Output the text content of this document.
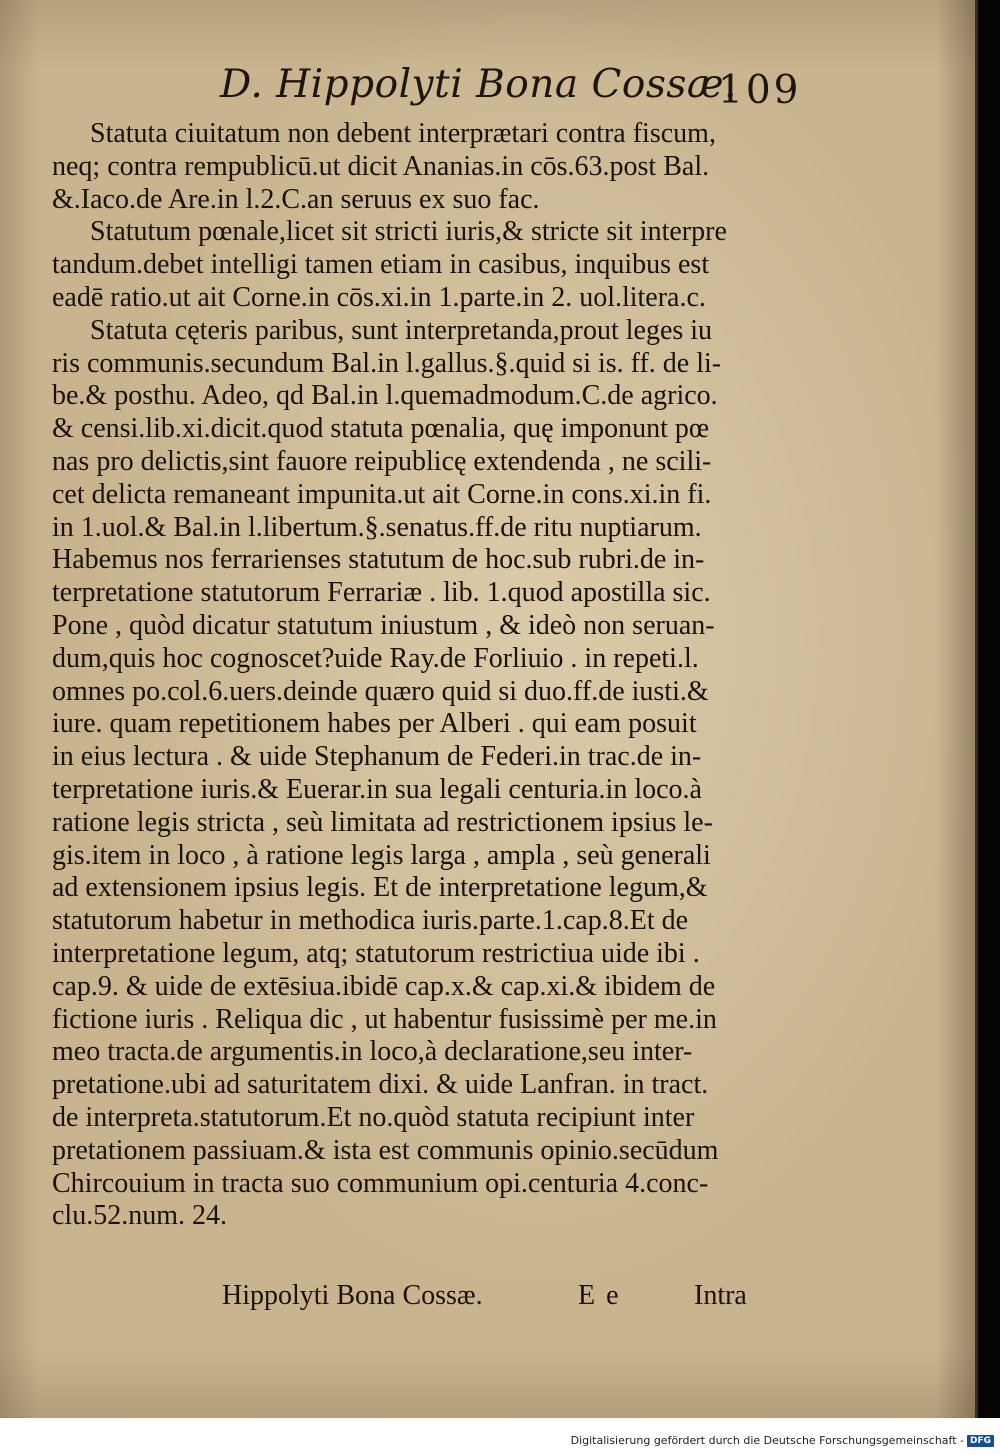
D. Hippolyti Bona Cossæ.
109
Statuta ciuitatum non debent interprætari contra fiscum,
neq; contra rempublicū.ut dicit Ananias.in cōs.63.post Bal.
&.Iaco.de Are.in l.2.C.an seruus ex suo fac.
Statutum pœnale,licet sit stricti iuris,& stricte sit interpre
tandum.debet intelligi tamen etiam in casibus, inquibus est
eadē ratio.ut ait Corne.in cōs.xi.in 1.parte.in 2. uol.litera.c.
Statuta cęteris paribus, sunt interpretanda,prout leges iu
ris communis.secundum Bal.in l.gallus.§.quid si is. ff. de li-
be.& posthu. Adeo, qd Bal.in l.quemadmodum.C.de agrico.
& censi.lib.xi.dicit.quod statuta pœnalia, quę imponunt pœ
nas pro delictis,sint fauore reipublicę extendenda , ne scili-
cet delicta remaneant impunita.ut ait Corne.in cons.xi.in fi.
in 1.uol.& Bal.in l.libertum.§.senatus.ff.de ritu nuptiarum.
Habemus nos ferrarienses statutum de hoc.sub rubri.de in-
terpretatione statutorum Ferrariæ . lib. 1.quod apostilla sic.
Pone , quòd dicatur statutum iniustum , & ideò non seruan-
dum,quis hoc cognoscet?uide Ray.de Forliuio . in repeti.l.
omnes po.col.6.uers.deinde quæro quid si duo.ff.de iusti.&
iure. quam repetitionem habes per Alberi . qui eam posuit
in eius lectura . & uide Stephanum de Federi.in trac.de in-
terpretatione iuris.& Euerar.in sua legali centuria.in loco.à
ratione legis stricta , seù limitata ad restrictionem ipsius le-
gis.item in loco , à ratione legis larga , ampla , seù generali
ad extensionem ipsius legis. Et de interpretatione legum,&
statutorum habetur in methodica iuris.parte.1.cap.8.Et de
interpretatione legum, atq; statutorum restrictiua uide ibi .
cap.9. & uide de extēsiua.ibidē cap.x.& cap.xi.& ibidem de
fictione iuris . Reliqua dic , ut habentur fusissimè per me.in
meo tracta.de argumentis.in loco,à declaratione,seu inter-
pretatione.ubi ad saturitatem dixi. & uide Lanfran. in tract.
de interpreta.statutorum.Et no.quòd statuta recipiunt inter
pretationem passiuam.& ista est communis opinio.secūdum
Chircouium in tracta suo communium opi.centuria 4.conc-
clu.52.num. 24.
Hippolyti Bona Cossæ.	E e	Intra
Digitalisierung gefördert durch die Deutsche Forschungsgemeinschaft - DFG
